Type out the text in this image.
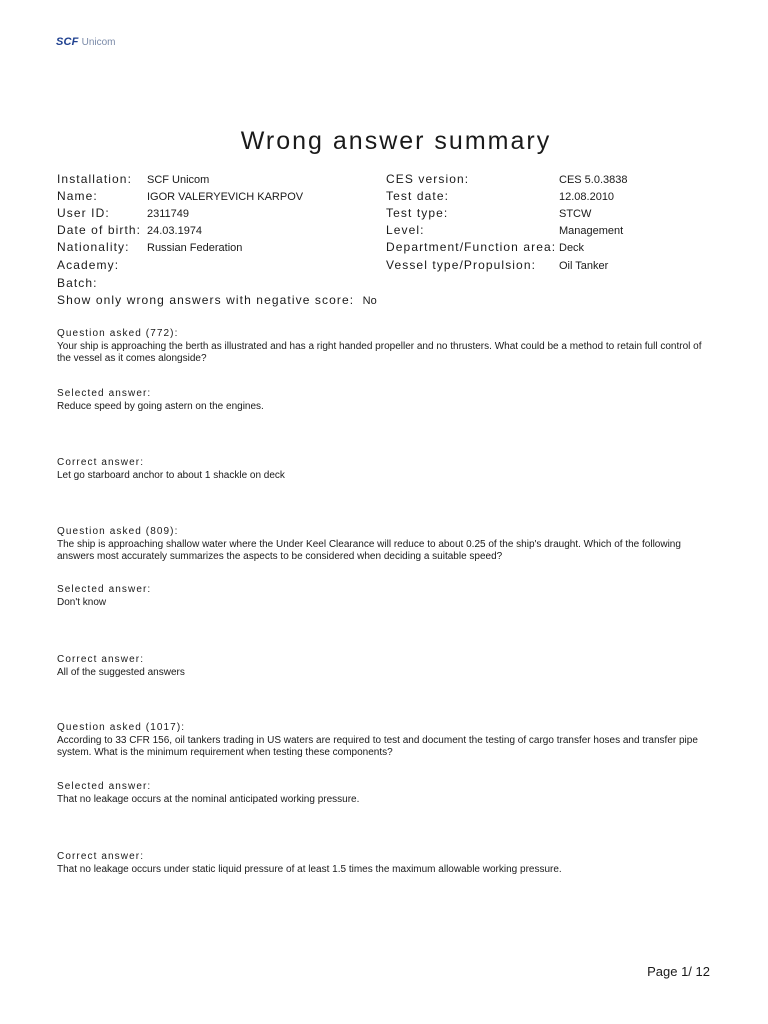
SCF Unicom
Wrong answer summary
Installation: SCF Unicom
Name:	IGOR VALERYEVICH KARPOV
User ID:	2311749
Date of birth: 24.03.1974
Nationality: Russian Federation
Academy:
Batch:
Show only wrong answers with negative score: No
CES version:	CES 5.0.3838
Test date:	12.08.2010
Test type:	STCW
Level:	Management
Department/Function area: Deck
Vessel type/Propulsion: Oil Tanker
Question asked (772):
Your ship is approaching the berth as illustrated and has a right handed propeller and no thrusters. What could be a method to retain full control of the vessel as it comes alongside?
Selected answer:
Reduce speed by going astern on the engines.
Correct answer:
Let go starboard anchor to about 1 shackle on deck
Question asked (809):
The ship is approaching shallow water where the Under Keel Clearance will reduce to about 0.25 of the ship's draught. Which of the following answers most accurately summarizes the aspects to be considered when deciding a suitable speed?
Selected answer:
Don't know
Correct answer:
All of the suggested answers
Question asked (1017):
According to 33 CFR 156, oil tankers trading in US waters are required to test and document the testing of cargo transfer hoses and transfer pipe system. What is the minimum requirement when testing these components?
Selected answer:
That no leakage occurs at the nominal anticipated working pressure.
Correct answer:
That no leakage occurs under static liquid pressure of at least 1.5 times the maximum allowable working pressure.
Page 1/ 12
